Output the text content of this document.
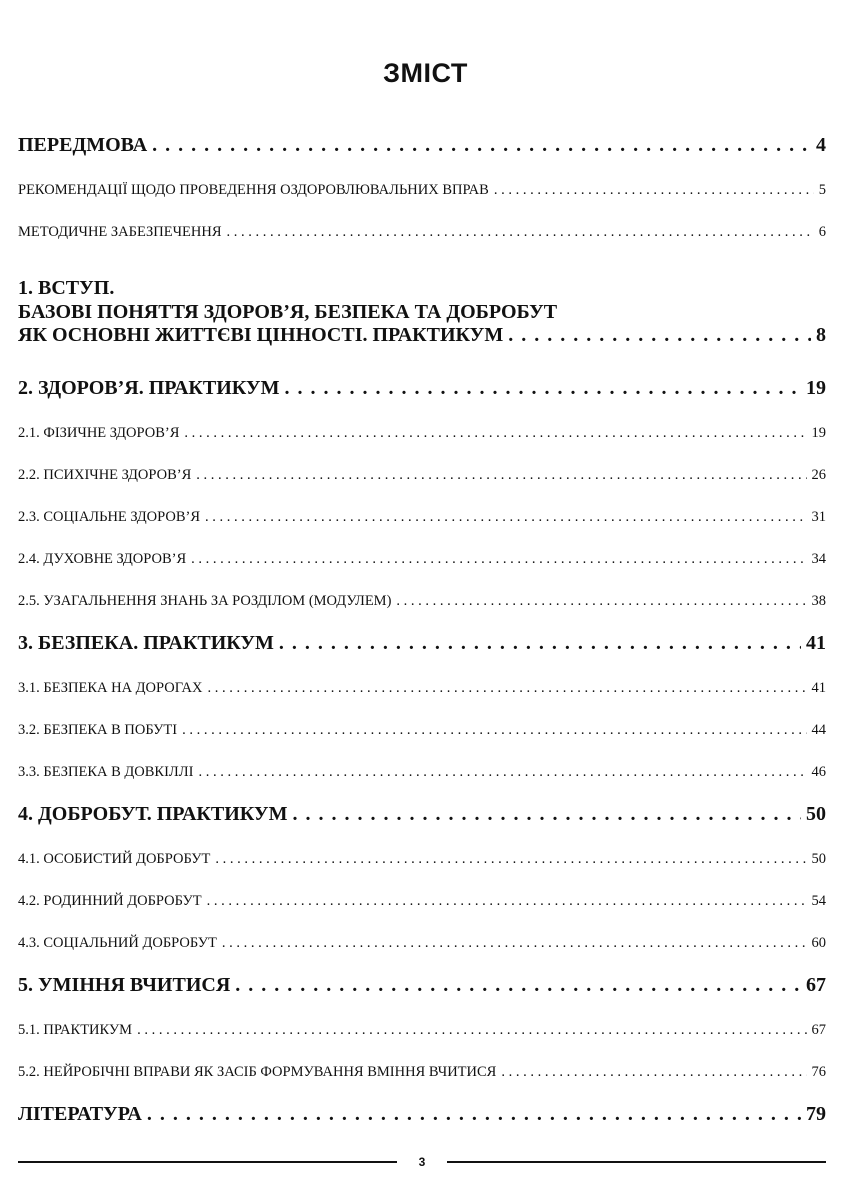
ЗМІСТ
ПЕРЕДМОВА . . .	4
РЕКОМЕНДАЦІЇ ЩОДО ПРОВЕДЕННЯ ОЗДОРОВЛЮВАЛЬНИХ ВПРАВ . . .	5
МЕТОДИЧНЕ ЗАБЕЗПЕЧЕННЯ . . .	6
1. ВСТУП.
БАЗОВІ ПОНЯТТЯ ЗДОРОВ’Я, БЕЗПЕКА ТА ДОБРОБУТ
ЯК ОСНОВНІ ЖИТТЄВІ ЦІННОСТІ. ПРАКТИКУМ . . .	8
2. ЗДОРОВ’Я. ПРАКТИКУМ . . .	19
2.1. ФІЗИЧНЕ ЗДОРОВ’Я . . .	19
2.2. ПСИХІЧНЕ ЗДОРОВ’Я . . .	26
2.3. СОЦІАЛЬНЕ ЗДОРОВ’Я . . .	31
2.4. ДУХОВНЕ ЗДОРОВ’Я . . .	34
2.5. УЗАГАЛЬНЕННЯ ЗНАНЬ ЗА РОЗДІЛОМ (МОДУЛЕМ) . . .	38
3. БЕЗПЕКА. ПРАКТИКУМ . . .	41
3.1. БЕЗПЕКА НА ДОРОГАХ . . .	41
3.2. БЕЗПЕКА В ПОБУТІ . . .	44
3.3. БЕЗПЕКА В ДОВКІЛЛІ . . .	46
4. ДОБРОБУТ. ПРАКТИКУМ . . .	50
4.1. ОСОБИСТИЙ ДОБРОБУТ . . .	50
4.2. РОДИННИЙ ДОБРОБУТ . . .	54
4.3. СОЦІАЛЬНИЙ ДОБРОБУТ . . .	60
5. УМІННЯ ВЧИТИСЯ . . .	67
5.1. ПРАКТИКУМ . . .	67
5.2. НЕЙРОБІЧНІ ВПРАВИ ЯК ЗАСІБ ФОРМУВАННЯ ВМІННЯ ВЧИТИСЯ . . .	76
ЛІТЕРАТУРА . . .	79
3
